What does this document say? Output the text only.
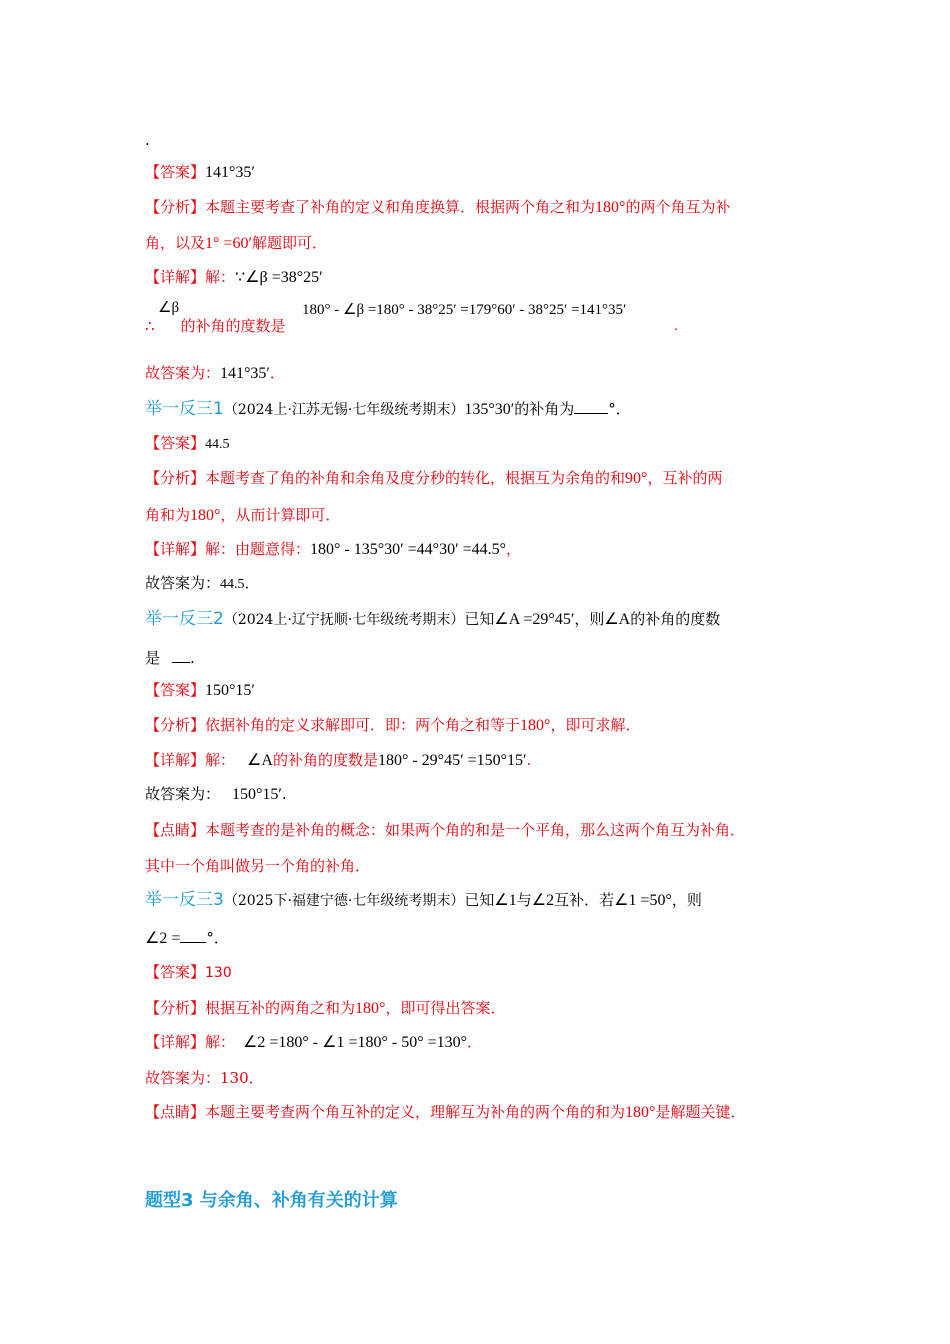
.
【答案】141°35′
【分析】本题主要考查了补角的定义和角度换算．根据两个角之和为180°的两个角互为补
角，以及1° =60′解题即可．
【详解】解：∵∠β =38°25′
∠β	180° - ∠β =180° - 38°25′ =179°60′ - 38°25′ =141°35′
∴ 的补角的度数是	.
故答案为：141°35′．
举一反三1（2024上·江苏无锡·七年级统考期末）135°30′的补角为 °．
【答案】44.5
【分析】本题考查了角的补角和余角及度分秒的转化，根据互为余角的和90°，互补的两
角和为180°，从而计算即可．
【详解】解：由题意得：180° - 135°30′ =44°30′ =44.5°，
故答案为：44.5．
举一反三2（2024上·辽宁抚顺·七年级统考期末）已知∠A =29°45′，则∠A的补角的度数
是 .
【答案】150°15′
【分析】依据补角的定义求解即可．即：两个角之和等于180°，即可求解．
【详解】解： ∠A的补角的度数是180° - 29°45′ =150°15′.
故答案为： 150°15′.
【点睛】本题考查的是补角的概念：如果两个角的和是一个平角，那么这两个角互为补角．
其中一个角叫做另一个角的补角．
举一反三3（2025下·福建宁德·七年级统考期末）已知∠1与∠2互补．若∠1 =50°，则
∠2 = °．
【答案】130
【分析】根据互补的两角之和为180°，即可得出答案．
【详解】解： ∠2 =180° - ∠1 =180° - 50° =130°．
故答案为：130．
【点睛】本题主要考查两个角互补的定义，理解互为补角的两个角的和为180°是解题关键．
题型3 与余角、补角有关的计算
